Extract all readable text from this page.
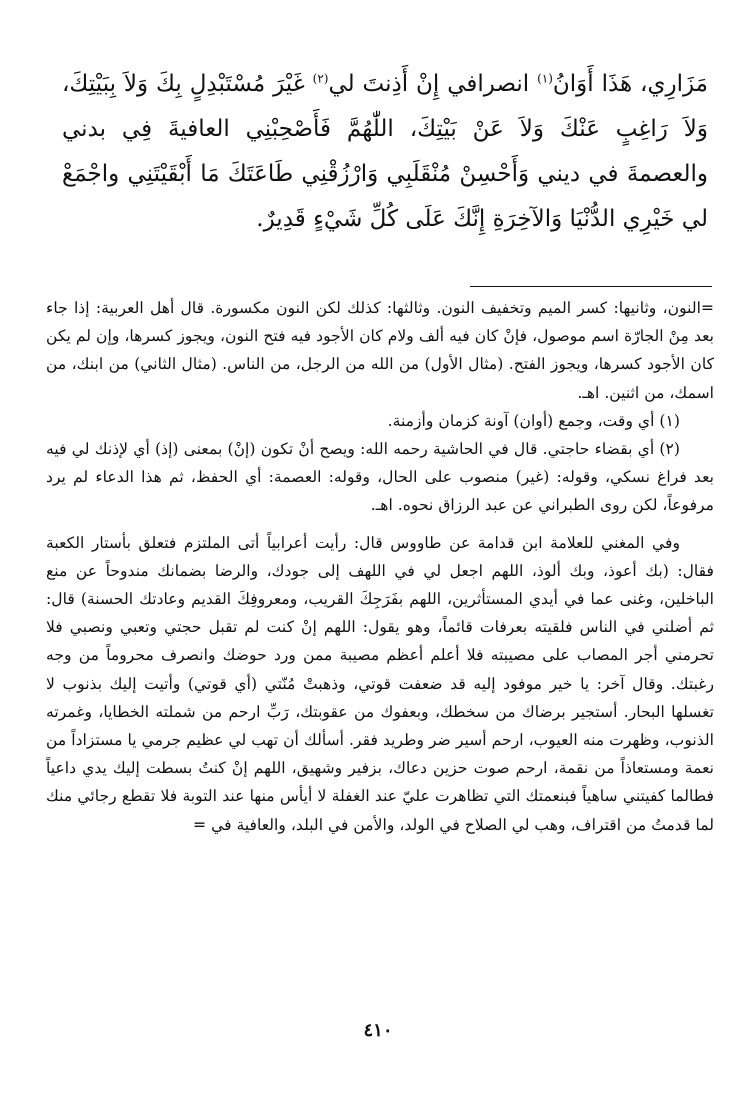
مَزَارِي، هَذَا أَوَانُ$^{(١)}$ انصرافي إِنْ أَذِنتَ لي$^{(٢)}$ غَيْرَ مُسْتَبْدِلٍ بِكَ وَلاَ بِبَيْتِكَ، وَلاَ رَاغِبٍ عَنْكَ وَلاَ عَنْ بَيْتِكَ، اللّٰهُمَّ فَأَصْحِبْنِي العافيةَ فِي بدني والعصمةَ في ديني وَأَحْسِنْ مُنْقَلَبِي وَارْزُقْنِي طَاعَتَكَ مَا أَبْقَيْتَنِي واجْمَعْ لي خَيْرِي الدُّنْيَا وَالآخِرَةِ إِنَّكَ عَلَى كُلِّ شَيْءٍ قَدِيرٌ.

=النون، وثانيها: كسر الميم وتخفيف النون. وثالثها: كذلك لكن النون مكسورة. قال أهل العربية: إذا جاء بعد مِنْ الجارّة اسم موصول، فإنْ كان فيه ألف ولام كان الأجود فيه فتح النون، ويجوز كسرها، وإن لم يكن كان الأجود كسرها، ويجوز الفتح. (مثال الأول) من الله من الرجل، من الناس. (مثال الثاني) من ابنك، من اسمك، من اثنين. اهـ.

(١) أي وقت، وجمع (أوان) آونة كزمان وأزمنة.

(٢) أي بقضاء حاجتي. قال في الحاشية رحمه الله: ويصح أنْ تكون (إنْ) بمعنى (إذ) أي لإذنك لي فيه بعد فراغ نسكي، وقوله: (غير) منصوب على الحال، وقوله: العصمة: أي الحفظ، ثم هذا الدعاء لم يرد مرفوعاً، لكن روى الطبراني عن عبد الرزاق نحوه. اهـ.

وفي المغني للعلامة ابن قدامة عن طاووس قال: رأيت أعرابياً أتى الملتزم فتعلق بأستار الكعبة فقال: (بك أعوذ، وبك ألوذ، اللهم اجعل لي في اللهف إلى جودك، والرضا بضمانك مندوحاً عن منع الباخلين، وغنى عما في أيدي المستأثرين، اللهم بفَرَجِكَ القريب، ومعروفِكَ القديم وعادتك الحسنة) قال: ثم أضلني في الناس فلقيته بعرفات قائماً، وهو يقول: اللهم إنْ كنت لم تقبل حجتي وتعبي ونصبي فلا تحرمني أجر المصاب على مصيبته فلا أعلم أعظم مصيبة ممن ورد حوضك وانصرف محروماً من وجه رغبتك. وقال آخر: يا خير موفود إليه قد ضعفت قوتي، وذهبتْ مُنّتي (أي قوتي) وأتيت إليك بذنوب لا تغسلها البحار. أستجير برضاك من سخطك، وبعفوك من عقوبتك، رَبِّ ارحم من شملته الخطايا، وغمرته الذنوب، وظهرت منه العيوب، ارحم أسير ضر وطريد فقر. أسألك أن تهب لي عظيم جرمي يا مستزاداً من نعمة ومستعاذاً من نقمة، ارحم صوت حزين دعاك، بزفير وشهيق، اللهم إنْ كنتُ بسطت إليك يدي داعياً فطالما كفيتني ساهياً فبنعمتك التي تظاهرت عليّ عند الغفلة لا أيأس منها عند التوبة فلا تقطع رجائي منك لما قدمتُ من اقتراف، وهب لي الصلاح في الولد، والأمن في البلد، والعافية في =

٤١٠
